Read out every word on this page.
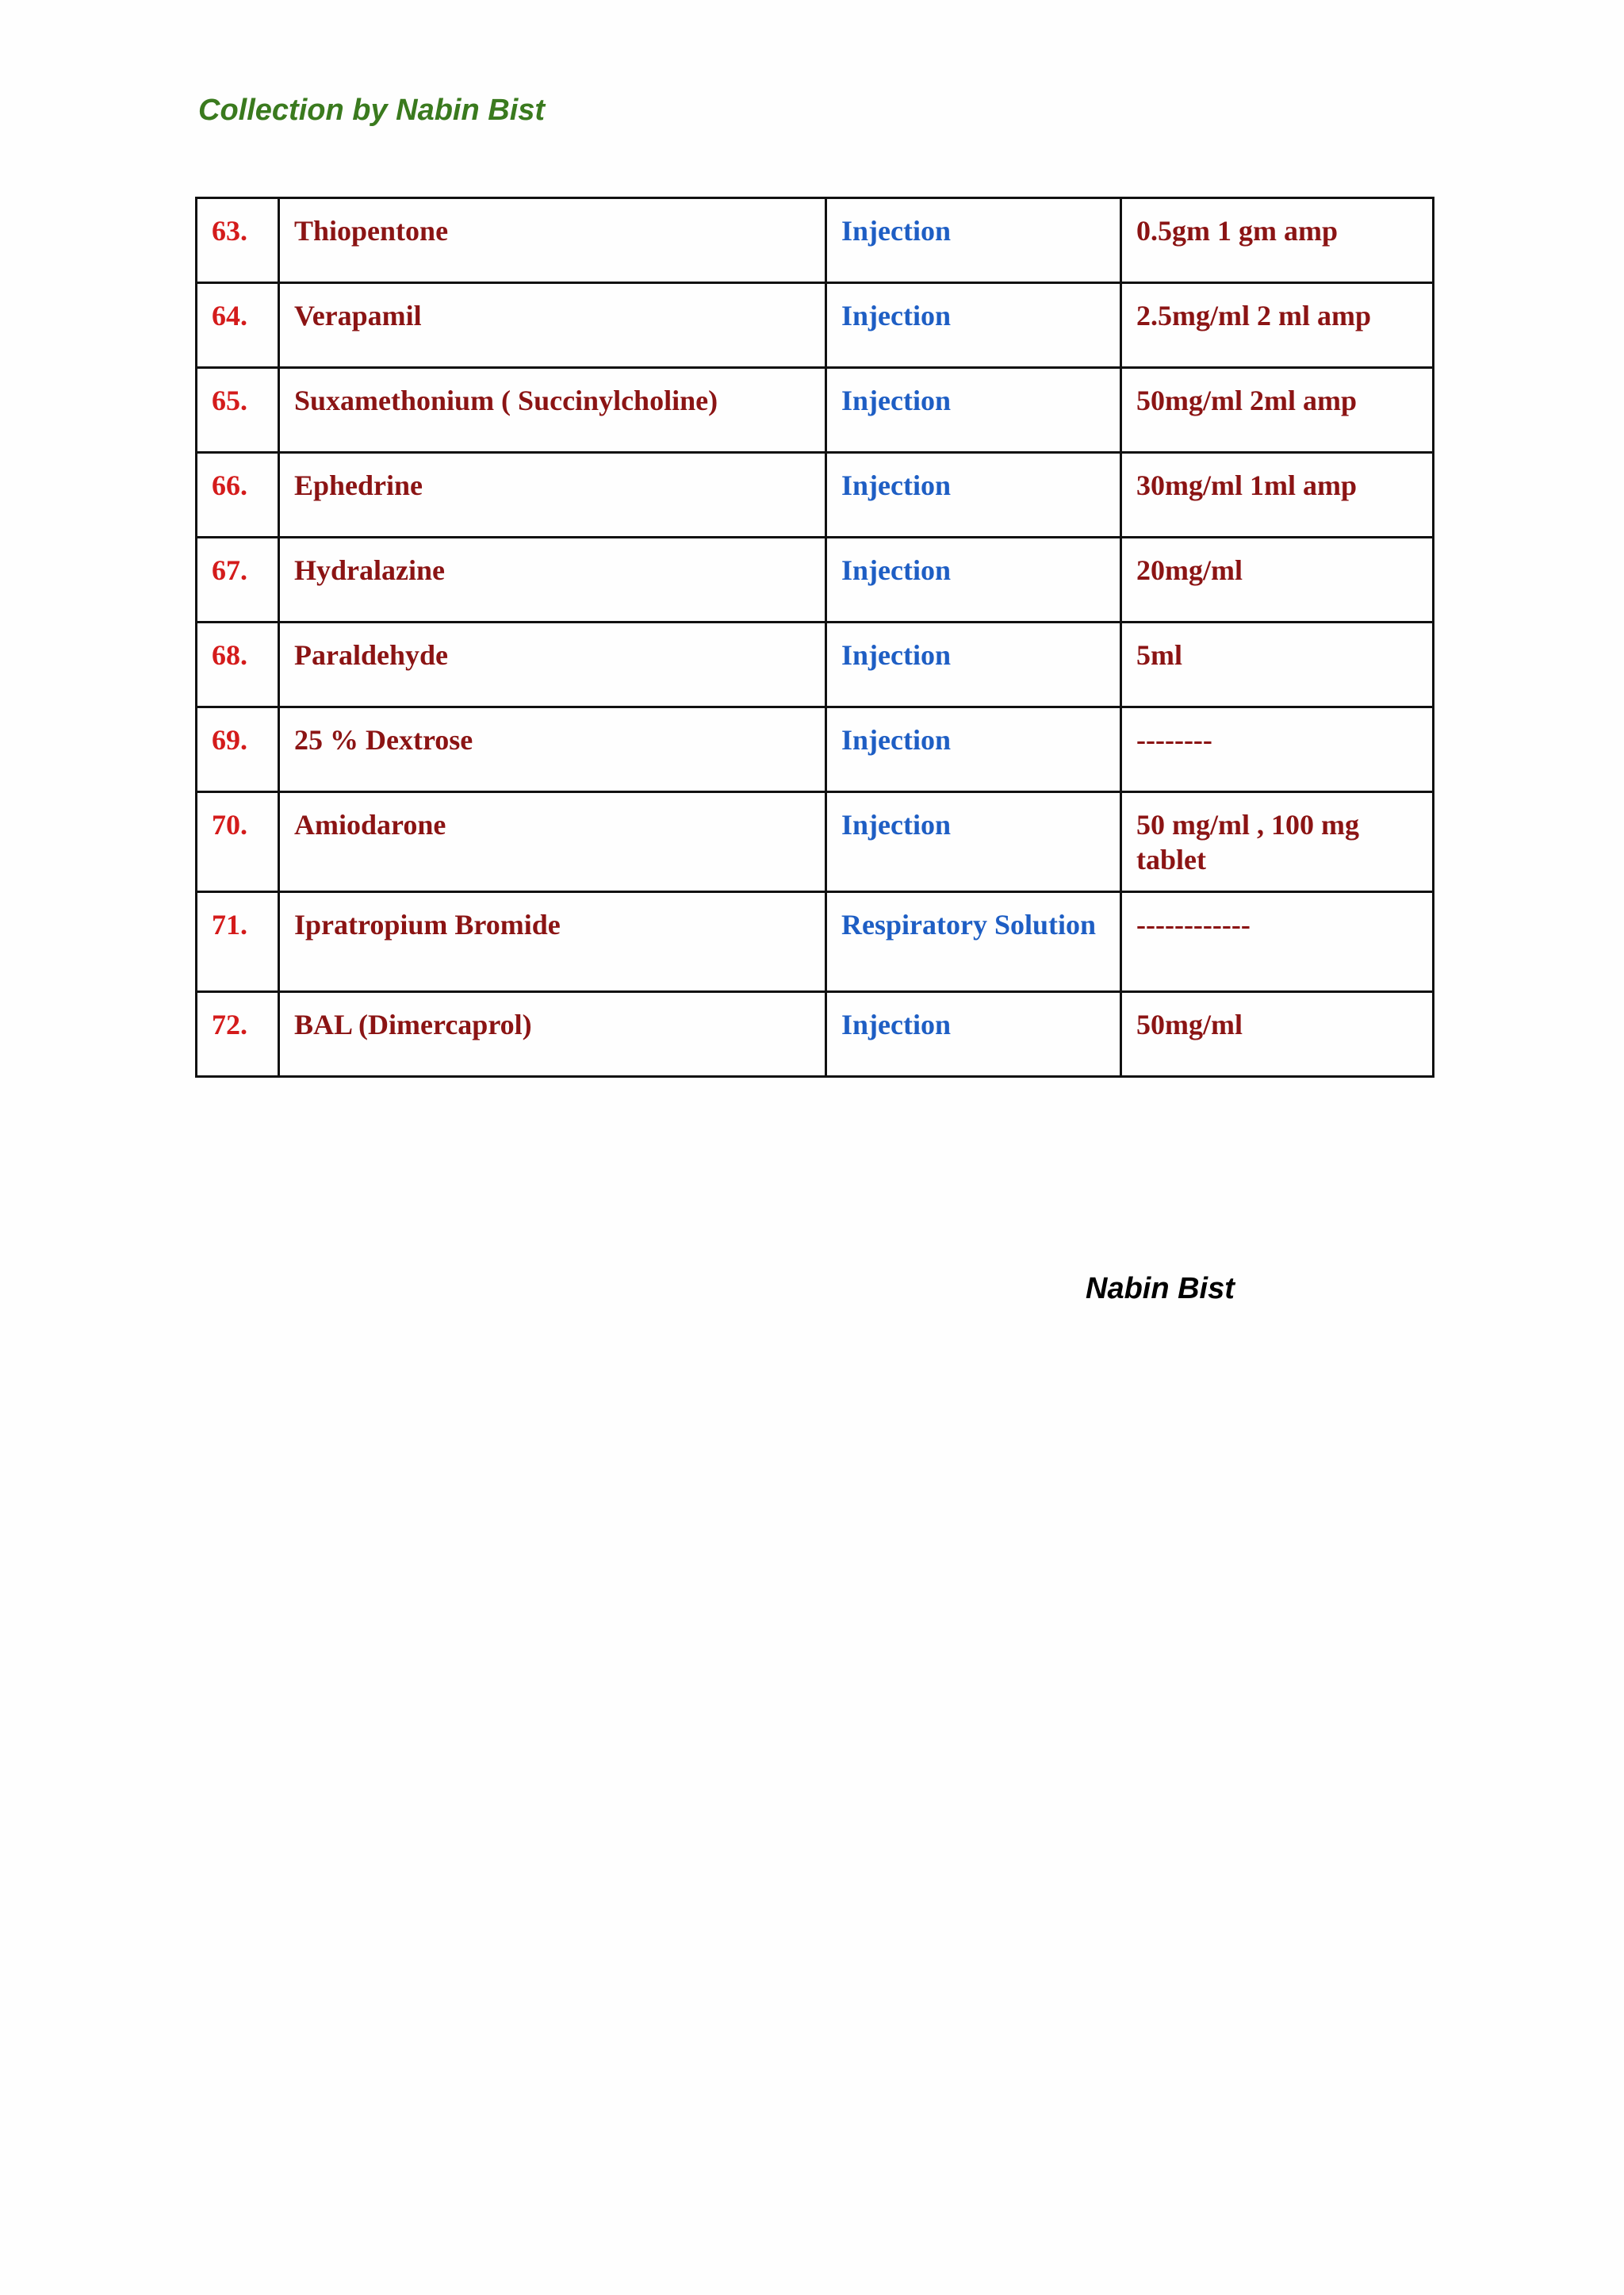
Collection by Nabin Bist
63.	Thiopentone	Injection	0.5gm 1 gm amp
64.	Verapamil	Injection	2.5mg/ml 2 ml amp
65.	Suxamethonium ( Succinylcholine)	Injection	50mg/ml 2ml amp
66.	Ephedrine	Injection	30mg/ml 1ml amp
67.	Hydralazine	Injection	20mg/ml
68.	Paraldehyde	Injection	5ml
69.	25 % Dextrose	Injection	--------
70.	Amiodarone	Injection	50 mg/ml , 100 mg tablet
71.	Ipratropium Bromide	Respiratory Solution	------------
72.	BAL (Dimercaprol)	Injection	50mg/ml
Nabin Bist
